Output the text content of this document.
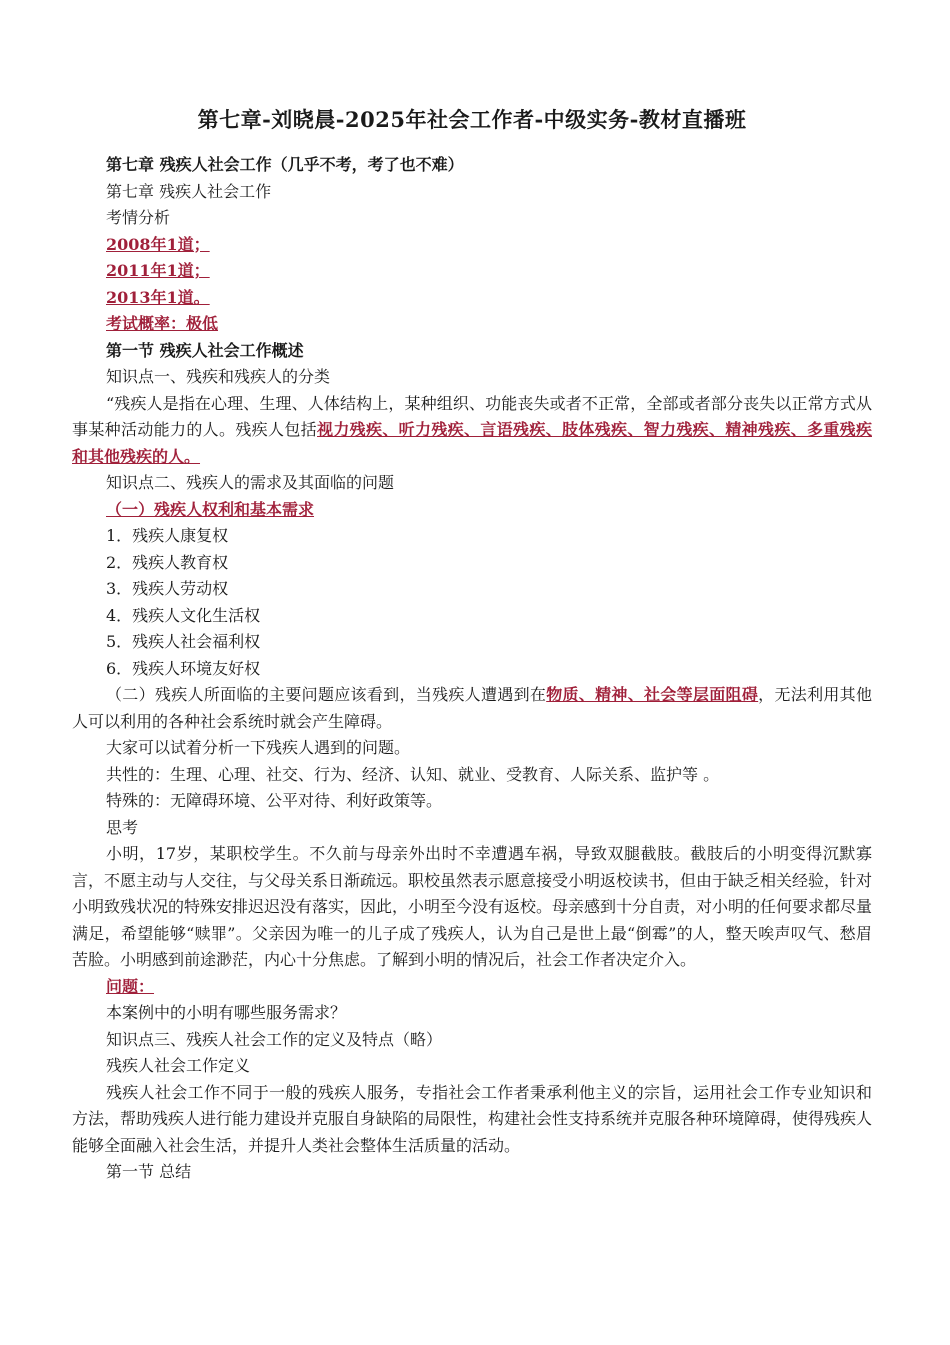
第七章-刘晓晨-2025年社会工作者-中级实务-教材直播班

第七章 残疾人社会工作（几乎不考，考了也不难）

第七章 残疾人社会工作

考情分析

2008年1道；

2011年1道；

2013年1道。

考试概率：极低

第一节 残疾人社会工作概述

知识点一、残疾和残疾人的分类

“残疾人是指在心理、生理、人体结构上，某种组织、功能丧失或者不正常，全部或者部分丧失以正常方式从事某种活动能力的人。残疾人包括视力残疾、听力残疾、言语残疾、肢体残疾、智力残疾、精神残疾、多重残疾和其他残疾的人。

知识点二、残疾人的需求及其面临的问题

（一）残疾人权利和基本需求

1．残疾人康复权

2．残疾人教育权

3．残疾人劳动权

4．残疾人文化生活权

5．残疾人社会福利权

6．残疾人环境友好权

（二）残疾人所面临的主要问题应该看到，当残疾人遭遇到在物质、精神、社会等层面阻碍，无法利用其他人可以利用的各种社会系统时就会产生障碍。

大家可以试着分析一下残疾人遇到的问题。

共性的：生理、心理、社交、行为、经济、认知、就业、受教育、人际关系、监护等 。

特殊的：无障碍环境、公平对待、利好政策等。

思考

小明，17岁，某职校学生。不久前与母亲外出时不幸遭遇车祸，导致双腿截肢。截肢后的小明变得沉默寡言，不愿主动与人交往，与父母关系日渐疏远。职校虽然表示愿意接受小明返校读书，但由于缺乏相关经验，针对小明致残状况的特殊安排迟迟没有落实，因此，小明至今没有返校。母亲感到十分自责，对小明的任何要求都尽量满足，希望能够“赎罪”。父亲因为唯一的儿子成了残疾人，认为自己是世上最“倒霉”的人，整天唉声叹气、愁眉苦脸。小明感到前途渺茫，内心十分焦虑。了解到小明的情况后，社会工作者决定介入。

问题：

本案例中的小明有哪些服务需求？

知识点三、残疾人社会工作的定义及特点（略）

残疾人社会工作定义

残疾人社会工作不同于一般的残疾人服务，专指社会工作者秉承利他主义的宗旨，运用社会工作专业知识和方法，帮助残疾人进行能力建设并克服自身缺陷的局限性，构建社会性支持系统并克服各种环境障碍，使得残疾人能够全面融入社会生活，并提升人类社会整体生活质量的活动。

第一节 总结
